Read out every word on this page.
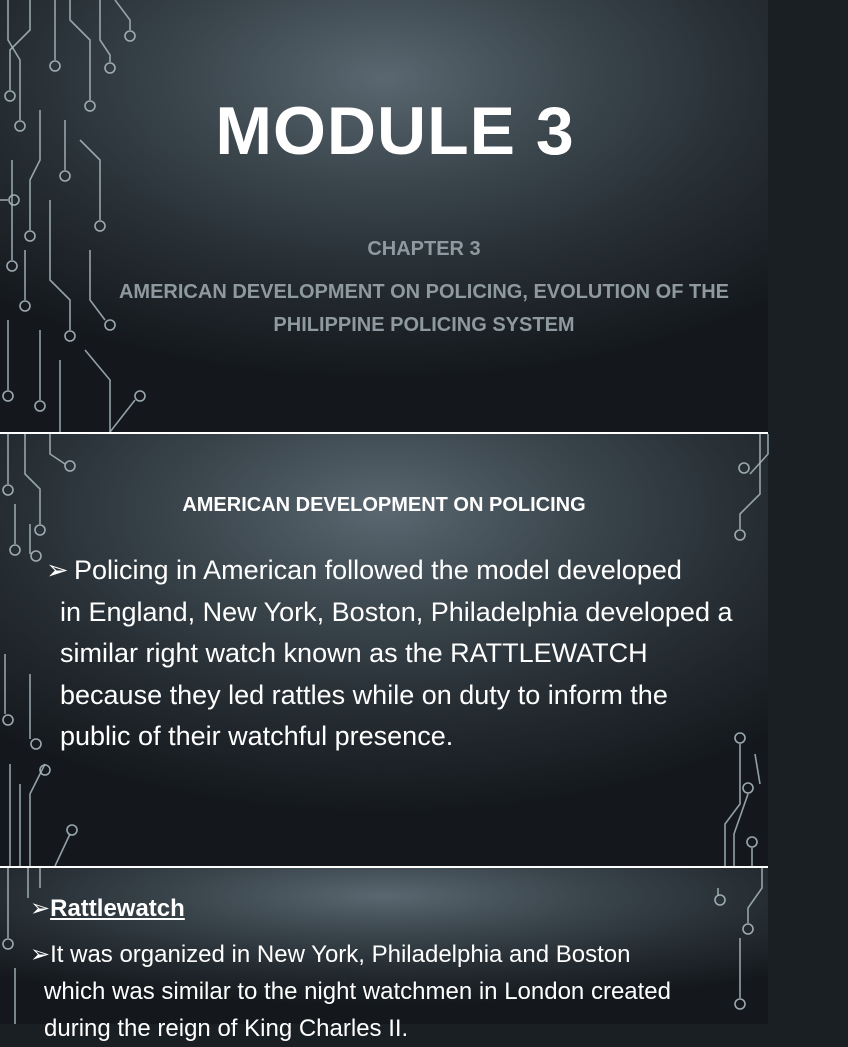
MODULE 3
CHAPTER 3
AMERICAN DEVELOPMENT ON POLICING, EVOLUTION OF THE PHILIPPINE POLICING SYSTEM
AMERICAN DEVELOPMENT ON POLICING
➢ Policing in American followed the model developed
in England, New York, Boston, Philadelphia developed a similar right watch known as the RATTLEWATCH because they led rattles while on duty to inform the public of their watchful presence.
➢Rattlewatch
➢It was organized in New York, Philadelphia and Boston
which was similar to the night watchmen in London created during the reign of King Charles II.
